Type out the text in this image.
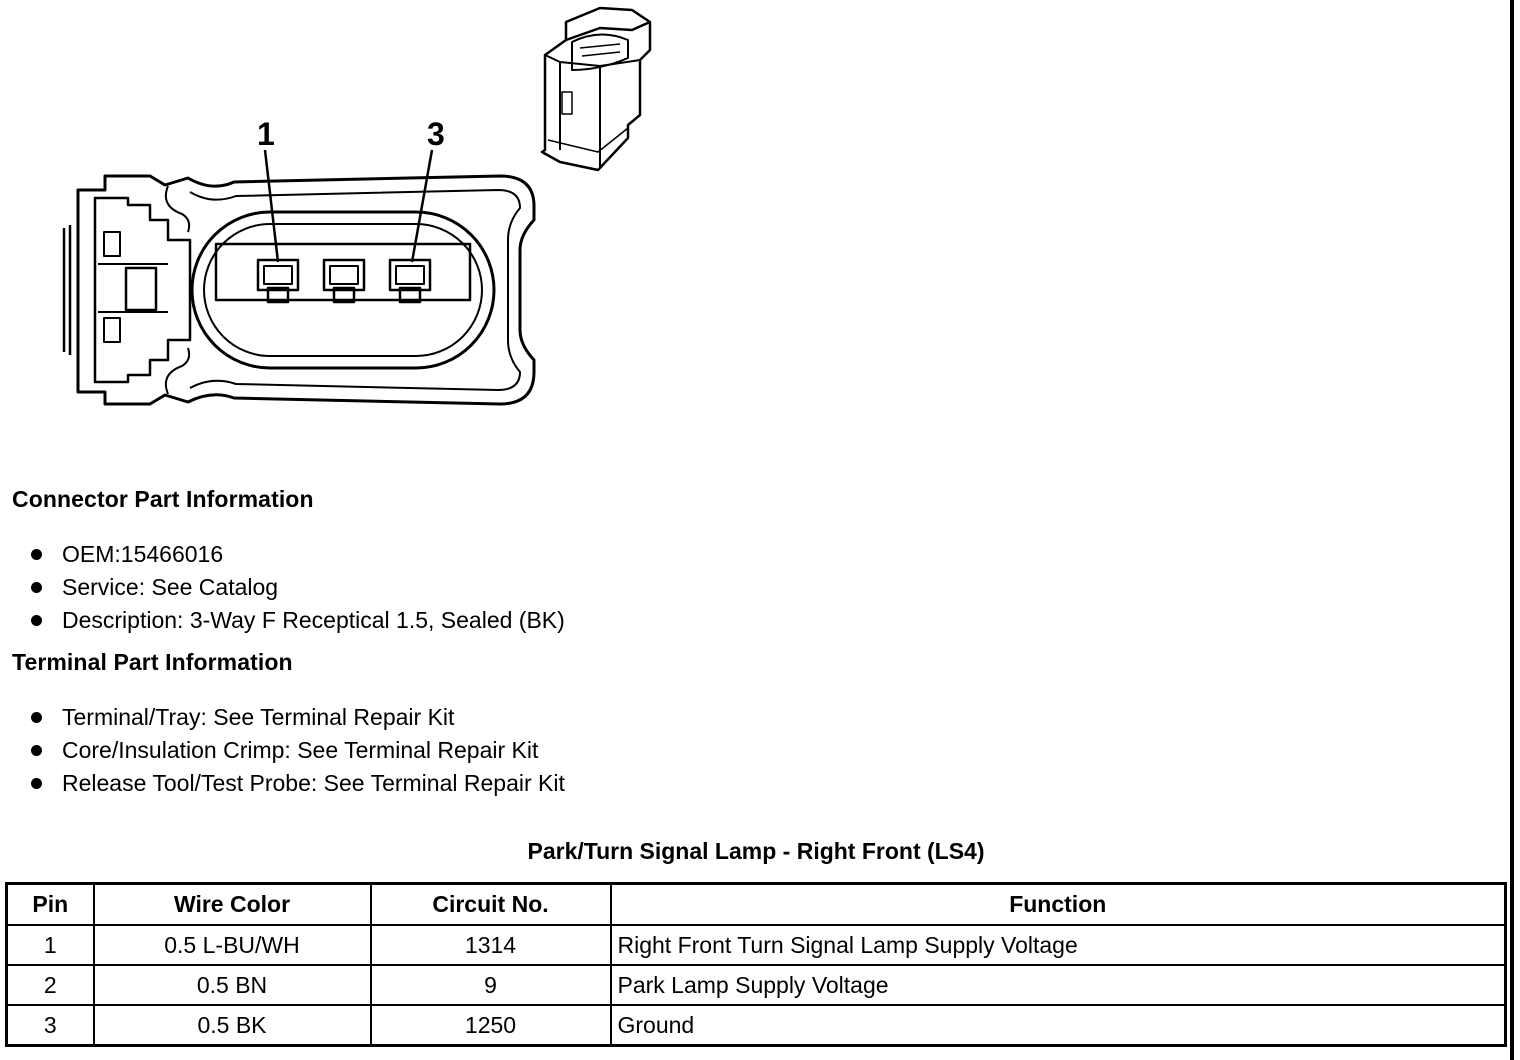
1	3
Connector Part Information
OEM:15466016
Service: See Catalog
Description: 3-Way F Receptical 1.5, Sealed (BK)
Terminal Part Information
Terminal/Tray: See Terminal Repair Kit
Core/Insulation Crimp: See Terminal Repair Kit
Release Tool/Test Probe: See Terminal Repair Kit
Park/Turn Signal Lamp - Right Front (LS4)
Pin	Wire Color	Circuit No.	Function
1	0.5 L-BU/WH	1314	Right Front Turn Signal Lamp Supply Voltage
2	0.5 BN	9	Park Lamp Supply Voltage
3	0.5 BK	1250	Ground
